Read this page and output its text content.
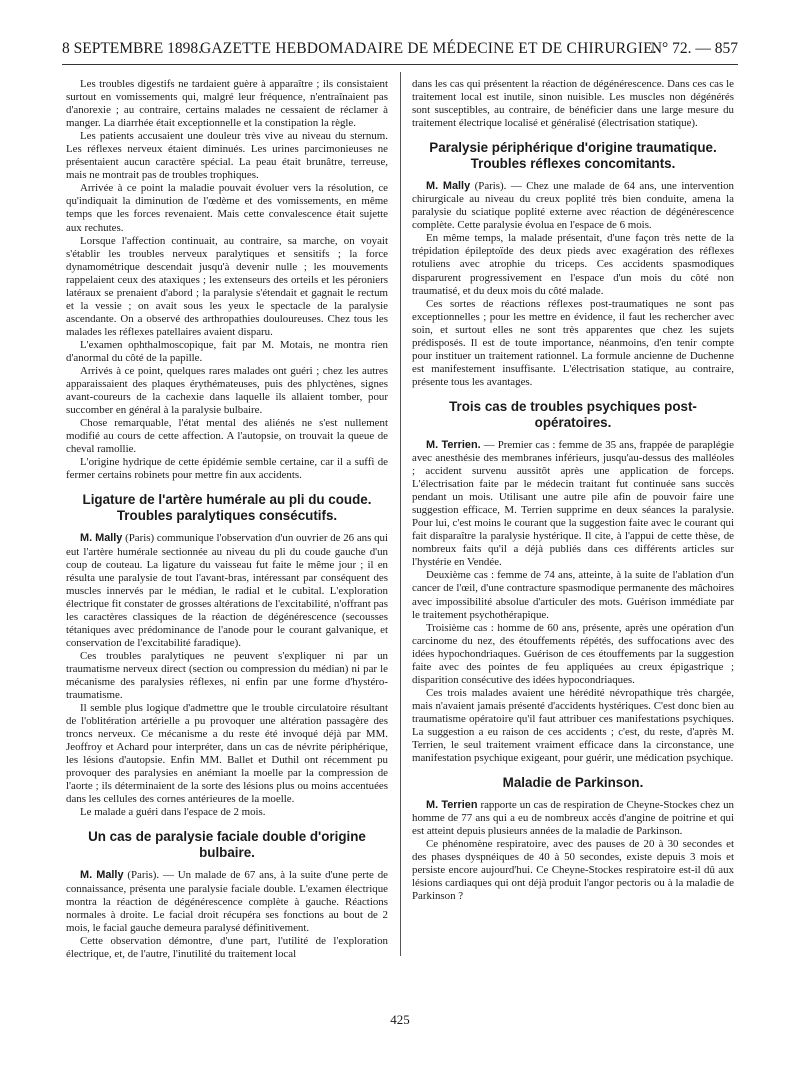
8 SEPTEMBRE 1898.
GAZETTE HEBDOMADAIRE DE MÉDECINE ET DE CHIRURGIE.
N° 72. — 857

Les troubles digestifs ne tardaient guère à apparaître ; ils consistaient surtout en vomissements qui, malgré leur fréquence, n'entraînaient pas d'anorexie ; au contraire, certains malades ne cessaient de réclamer à manger. La diarrhée était exceptionnelle et la constipation la règle.

Les patients accusaient une douleur très vive au niveau du sternum. Les réflexes nerveux étaient diminués. Les urines parcimonieuses ne présentaient aucun caractère spécial. La peau était brunâtre, terreuse, mais ne montrait pas de troubles trophiques.

Arrivée à ce point la maladie pouvait évoluer vers la résolution, ce qu'indiquait la diminution de l'œdème et des vomissements, en même temps que les forces revenaient. Mais cette convalescence était sujette aux rechutes.

Lorsque l'affection continuait, au contraire, sa marche, on voyait s'établir les troubles nerveux paralytiques et sensitifs ; la force dynamométrique descendait jusqu'à devenir nulle ; les mouvements rappelaient ceux des ataxiques ; les extenseurs des orteils et les péroniers latéraux se prenaient d'abord ; la paralysie s'étendait et gagnait le rectum et la vessie ; on avait sous les yeux le spectacle de la paralysie ascendante. On a observé des arthropathies douloureuses. Chez tous les malades les réflexes patellaires avaient disparu.

L'examen ophthalmoscopique, fait par M. Motais, ne montra rien d'anormal du côté de la papille.

Arrivés à ce point, quelques rares malades ont guéri ; chez les autres apparaissaient des plaques érythémateuses, puis des phlyctènes, signes avant-coureurs de la cachexie dans laquelle ils allaient tomber, pour succomber en général à la paralysie bulbaire.

Chose remarquable, l'état mental des aliénés ne s'est nullement modifié au cours de cette affection. A l'autopsie, on trouvait la queue de cheval ramollie.

L'origine hydrique de cette épidémie semble certaine, car il a suffi de fermer certains robinets pour mettre fin aux accidents.

Ligature de l'artère humérale au pli du coude. Troubles paralytiques consécutifs.

M. Mally (Paris) communique l'observation d'un ouvrier de 26 ans qui eut l'artère humérale sectionnée au niveau du pli du coude gauche d'un coup de couteau. La ligature du vaisseau fut faite le même jour ; il en résulta une paralysie de tout l'avant-bras, intéressant par conséquent des muscles innervés par le médian, le radial et le cubital. L'exploration électrique fit constater de grosses altérations de l'excitabilité, n'offrant pas les caractères classiques de la réaction de dégénérescence (secousses tétaniques avec prédominance de l'anode pour le courant galvanique, et conservation de l'excitabilité faradique).

Ces troubles paralytiques ne peuvent s'expliquer ni par un traumatisme nerveux direct (section ou compression du médian) ni par le mécanisme des paralysies réflexes, ni enfin par une forme d'hystéro-traumatisme.

Il semble plus logique d'admettre que le trouble circulatoire résultant de l'oblitération artérielle a pu provoquer une altération passagère des troncs nerveux. Ce mécanisme a du reste été invoqué déjà par MM. Jeoffroy et Achard pour interpréter, dans un cas de névrite périphérique, les lésions d'autopsie. Enfin MM. Ballet et Duthil ont récemment pu provoquer des paralysies en anémiant la moelle par la compression de l'aorte ; ils déterminaient de la sorte des lésions plus ou moins accentuées dans les cellules des cornes antérieures de la moelle.

Le malade a guéri dans l'espace de 2 mois.

Un cas de paralysie faciale double d'origine bulbaire.

M. Mally (Paris). — Un malade de 67 ans, à la suite d'une perte de connaissance, présenta une paralysie faciale double. L'examen électrique montra la réaction de dégénérescence complète à gauche. Réactions normales à droite. Le facial droit récupéra ses fonctions au bout de 2 mois, le facial gauche demeura paralysé définitivement.

Cette observation démontre, d'une part, l'utilité de l'exploration électrique, et, de l'autre, l'inutilité du traitement local

dans les cas qui présentent la réaction de dégénérescence. Dans ces cas le traitement local est inutile, sinon nuisible. Les muscles non dégénérés sont susceptibles, au contraire, de bénéficier dans une large mesure du traitement électrique localisé et généralisé (électrisation statique).

Paralysie périphérique d'origine traumatique. Troubles réflexes concomitants.

M. Mally (Paris). — Chez une malade de 64 ans, une intervention chirurgicale au niveau du creux poplité très bien conduite, amena la paralysie du sciatique poplité externe avec réaction de dégénérescence complète. Cette paralysie évolua en l'espace de 6 mois.

En même temps, la malade présentait, d'une façon très nette de la trépidation épileptoïde des deux pieds avec exagération des réflexes rotuliens avec atrophie du triceps. Ces accidents spasmodiques disparurent progressivement en l'espace d'un mois du côté non traumatisé, et du deux mois du côté malade.

Ces sortes de réactions réflexes post-traumatiques ne sont pas exceptionnelles ; pour les mettre en évidence, il faut les rechercher avec soin, et surtout elles ne sont très apparentes que chez les sujets prédisposés. Il est de toute importance, néanmoins, d'en tenir compte pour instituer un traitement rationnel. La formule ancienne de Duchenne est manifestement insuffisante. L'électrisation statique, au contraire, présente tous les avantages.

Trois cas de troubles psychiques post-opératoires.

M. Terrien. — Premier cas : femme de 35 ans, frappée de paraplégie avec anesthésie des membranes inférieurs, jusqu'au-dessus des malléoles ; accident survenu aussitôt après une application de forceps. L'électrisation faite par le médecin traitant fut continuée sans succès pendant un mois. Utilisant une autre pile afin de pouvoir faire une suggestion efficace, M. Terrien supprime en deux séances la paralysie. Pour lui, c'est moins le courant que la suggestion faite avec le courant qui fait disparaître la paralysie hystérique. Il cite, à l'appui de cette thèse, de nombreux faits qu'il a déjà publiés dans ces différents articles sur l'hystérie en Vendée.

Deuxième cas : femme de 74 ans, atteinte, à la suite de l'ablation d'un cancer de l'œil, d'une contracture spasmodique permanente des mâchoires avec impossibilité absolue d'articuler des mots. Guérison immédiate par le traitement psychothérapique.

Troisième cas : homme de 60 ans, présente, après une opération d'un carcinome du nez, des étouffements répétés, des suffocations avec des idées hypochondriaques. Guérison de ces étouffements par la suggestion faite avec des pointes de feu appliquées au creux épigastrique ; disparition consécutive des idées hypocondriaques.

Ces trois malades avaient une hérédité névropathique très chargée, mais n'avaient jamais présenté d'accidents hystériques. C'est donc bien au traumatisme opératoire qu'il faut attribuer ces manifestations psychiques. La suggestion a eu raison de ces accidents ; c'est, du reste, d'après M. Terrien, le seul traitement vraiment efficace dans la circonstance, une manifestation psychique exigeant, pour guérir, une médication psychique.

Maladie de Parkinson.

M. Terrien rapporte un cas de respiration de Cheyne-Stockes chez un homme de 77 ans qui a eu de nombreux accès d'angine de poitrine et qui est atteint depuis plusieurs années de la maladie de Parkinson.

Ce phénomène respiratoire, avec des pauses de 20 à 30 secondes et des phases dyspnéiques de 40 à 50 secondes, existe depuis 3 mois et persiste encore aujourd'hui. Ce Cheyne-Stockes respiratoire est-il dû aux lésions cardiaques qui ont déjà produit l'angor pectoris ou à la maladie de Parkinson ?

425
